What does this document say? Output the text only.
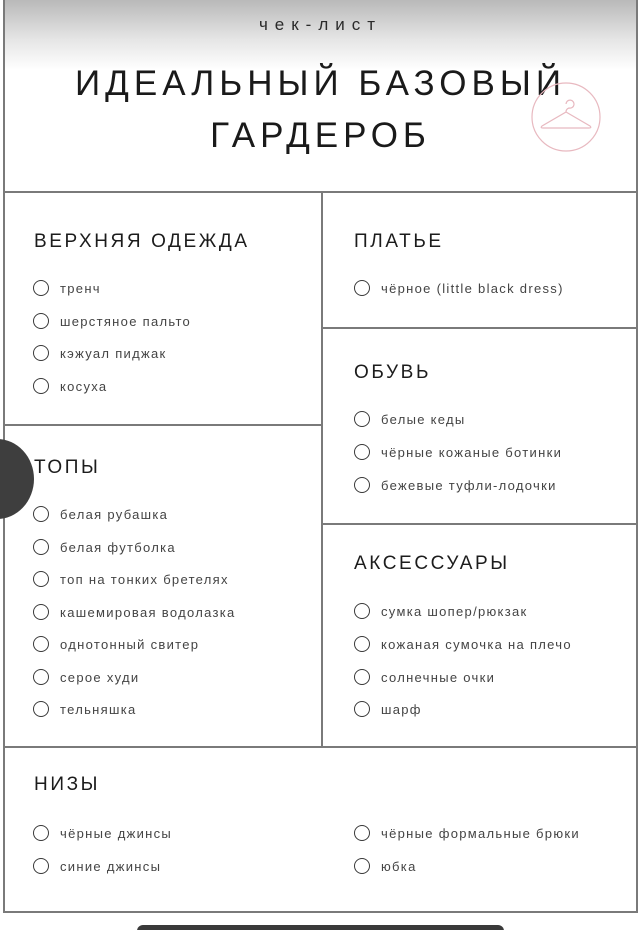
чек-лист
ИДЕАЛЬНЫЙ БАЗОВЫЙ
ГАРДЕРОБ
ВЕРХНЯЯ ОДЕЖДА
тренч
шерстяное пальто
кэжуал пиджак
косуха
ПЛАТЬЕ
чёрное (little black dress)
ОБУВЬ
белые кеды
чёрные кожаные ботинки
бежевые туфли-лодочки
ТОПЫ
белая рубашка
белая футболка
топ на тонких бретелях
кашемировая водолазка
однотонный свитер
серое худи
тельняшка
АКСЕССУАРЫ
сумка шопер/рюкзак
кожаная сумочка на плечо
солнечные очки
шарф
НИЗЫ
чёрные джинсы
синие джинсы
чёрные формальные брюки
юбка
